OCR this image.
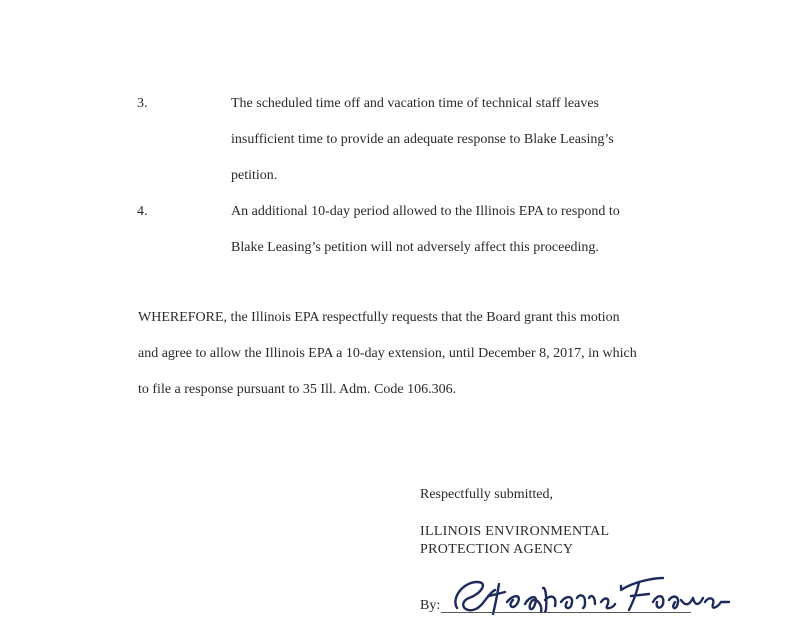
3.	The scheduled time off and vacation time of technical staff leaves
insufficient time to provide an adequate response to Blake Leasing’s
petition.
4.	An additional 10-day period allowed to the Illinois EPA to respond to
Blake Leasing’s petition will not adversely affect this proceeding.
WHEREFORE, the Illinois EPA respectfully requests that the Board grant this motion
and agree to allow the Illinois EPA a 10-day extension, until December 8, 2017, in which
to file a response pursuant to 35 Ill. Adm. Code 106.306.
Respectfully submitted,
ILLINOIS ENVIRONMENTAL
PROTECTION AGENCY
By:
